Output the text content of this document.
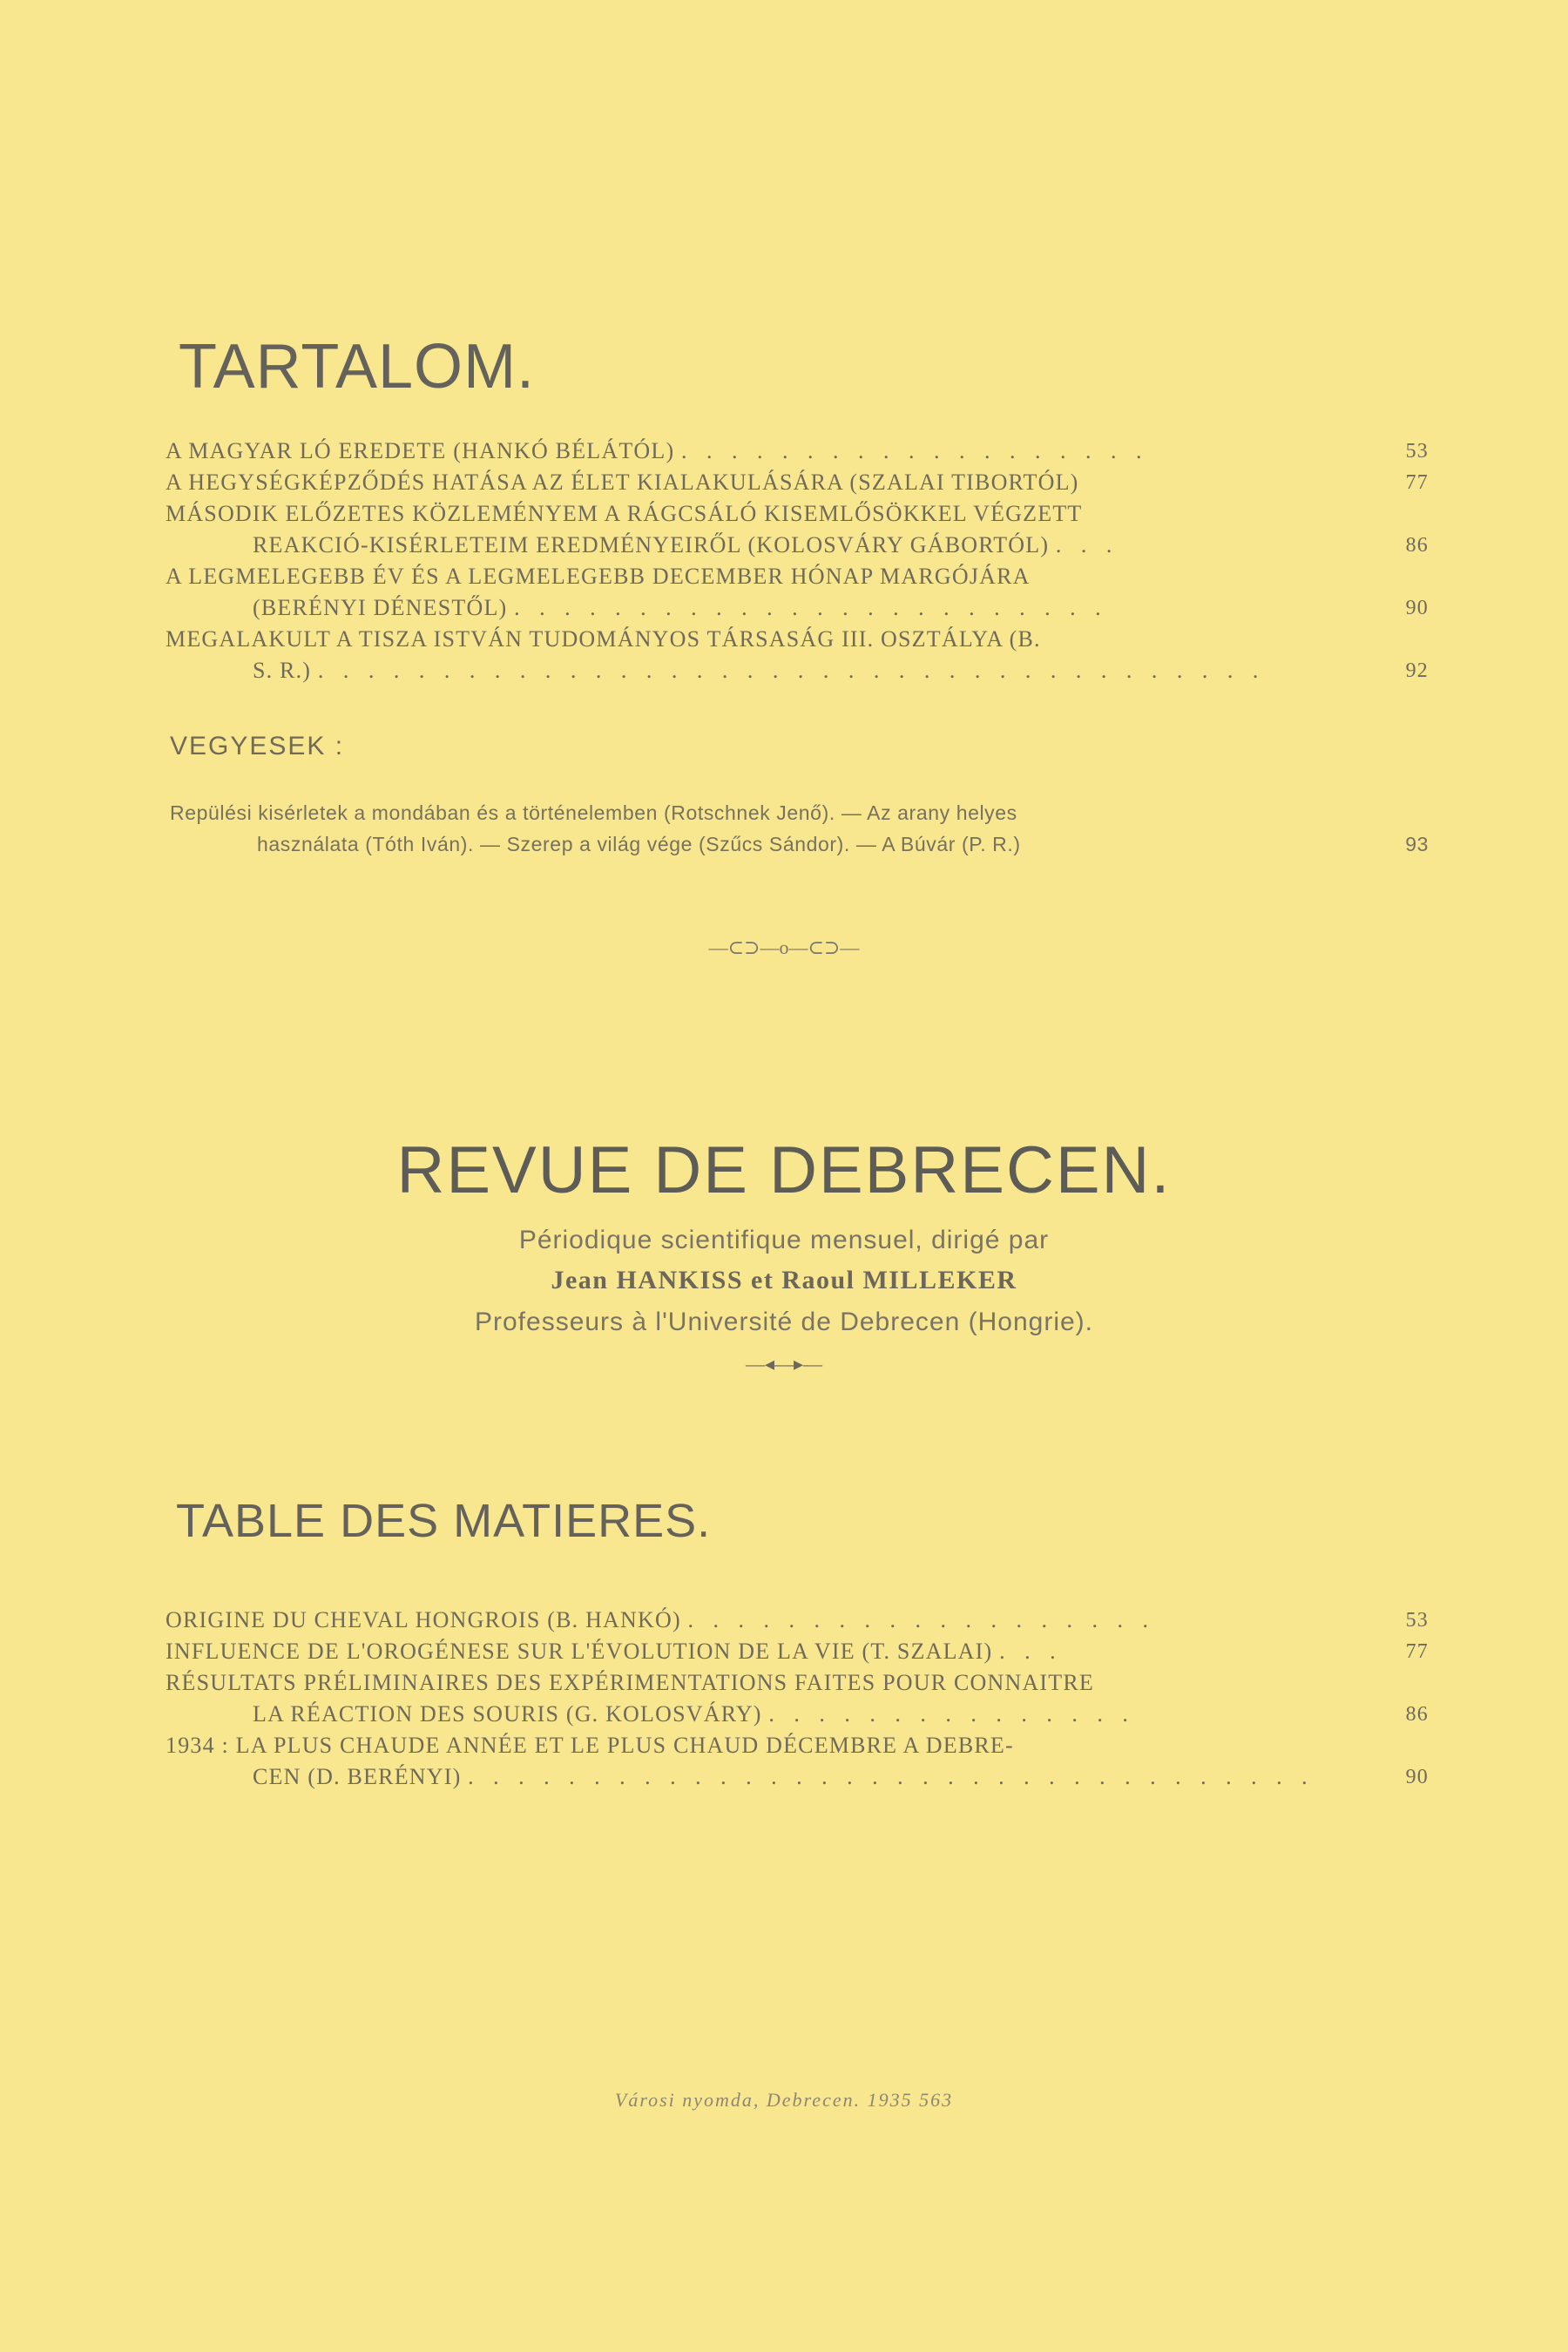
TARTALOM.
A MAGYAR LÓ EREDETE (HANKÓ BÉLÁTÓL) . . . . . . . . . . . . . . . . . . .	53
A HEGYSÉGKÉPZŐDÉS HATÁSA AZ ÉLET KIALAKULÁSÁRA (SZALAI TIBORTÓL)	77
MÁSODIK ELŐZETES KÖZLEMÉNYEM A RÁGCSÁLÓ KISEMLŐSÖKKEL VÉGZETT
REAKCIÓ-KISÉRLETEIM EREDMÉNYEIRŐL (KOLOSVÁRY GÁBORTÓL) . . .	86
A LEGMELEGEBB ÉV ÉS A LEGMELEGEBB DECEMBER HÓNAP MARGÓJÁRA
(BERÉNYI DÉNESTŐL) . . . . . . . . . . . . . . . . . . . . . . . .	90
MEGALAKULT A TISZA ISTVÁN TUDOMÁNYOS TÁRSASÁG III. OSZTÁLYA (B.
S. R.) . . . . . . . . . . . . . . . . . . . . . . . . . . . . . . . . . . . . . .	92
VEGYESEK :
Repülési kisérletek a mondában és a történelemben (Rotschnek Jenő). — Az arany helyes
használata (Tóth Iván). — Szerep a világ vége (Szűcs Sándor). — A Búvár (P. R.)	93
—⊂⊃—o—⊂⊃—
REVUE DE DEBRECEN.
Périodique scientifique mensuel, dirigé par
Jean HANKISS et Raoul MILLEKER
Professeurs à l'Université de Debrecen (Hongrie).
—◂—▸—
TABLE DES MATIERES.
ORIGINE DU CHEVAL HONGROIS (B. HANKÓ) . . . . . . . . . . . . . . . . . . .	53
INFLUENCE DE L'OROGÉNESE SUR L'ÉVOLUTION DE LA VIE (T. SZALAI) . . .	77
RÉSULTATS PRÉLIMINAIRES DES EXPÉRIMENTATIONS FAITES POUR CONNAITRE
LA RÉACTION DES SOURIS (G. KOLOSVÁRY) . . . . . . . . . . . . . . .	86
1934 : LA PLUS CHAUDE ANNÉE ET LE PLUS CHAUD DÉCEMBRE A DEBRE-
CEN (D. BERÉNYI) . . . . . . . . . . . . . . . . . . . . . . . . . . . . . . . . . .	90
Városi nyomda, Debrecen. 1935 563
